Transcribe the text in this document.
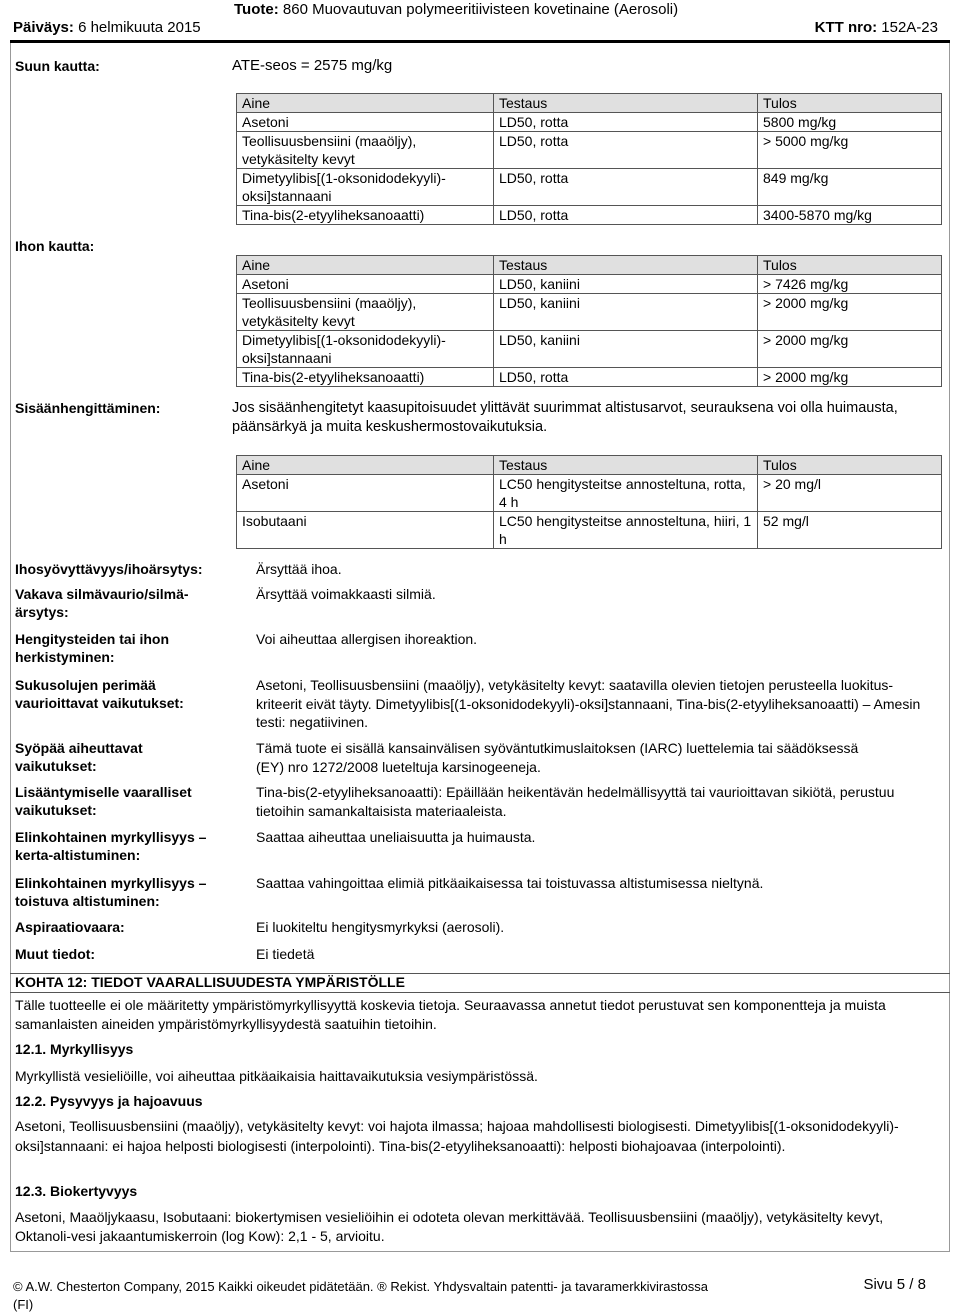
Tuote: 860 Muovautuvan polymeeritiivisteen kovetinaine (Aerosoli)
Päiväys: 6 helmikuuta 2015	KTT nro: 152A-23
Suun kautta:	ATE-seos = 2575 mg/kg
Aine	Testaus	Tulos
Asetoni	LD50, rotta	5800 mg/kg
Teollisuusbensiini (maaöljy), vetykäsitelty kevyt	LD50, rotta	> 5000 mg/kg
Dimetyylibis[(1-oksonidodekyyli)-oksi]stannaani	LD50, rotta	849 mg/kg
Tina-bis(2-etyyliheksanoaatti)	LD50, rotta	3400-5870 mg/kg
Ihon kautta:
Aine	Testaus	Tulos
Asetoni	LD50, kaniini	> 7426 mg/kg
Teollisuusbensiini (maaöljy), vetykäsitelty kevyt	LD50, kaniini	> 2000 mg/kg
Dimetyylibis[(1-oksonidodekyyli)-oksi]stannaani	LD50, kaniini	> 2000 mg/kg
Tina-bis(2-etyyliheksanoaatti)	LD50, rotta	> 2000 mg/kg
Sisäänhengittäminen:	Jos sisäänhengitetyt kaasupitoisuudet ylittävät suurimmat altistusarvot, seurauksena voi olla huimausta, päänsärkyä ja muita keskushermostovaikutuksia.
Aine	Testaus	Tulos
Asetoni	LC50 hengitysteitse annosteltuna, rotta, 4 h	> 20 mg/l
Isobutaani	LC50 hengitysteitse annosteltuna, hiiri, 1 h	52 mg/l
Ihosyövyttävyys/ihoärsytys:	Ärsyttää ihoa.
Vakava silmävaurio/silmä-ärsytys:
Ärsyttää voimakkaasti silmiä.
Hengitysteiden tai ihon herkistyminen:
Voi aiheuttaa allergisen ihoreaktion.
Sukusolujen perimää vaurioittavat vaikutukset:
Asetoni, Teollisuusbensiini (maaöljy), vetykäsitelty kevyt: saatavilla olevien tietojen perusteella luokitus- kriteerit eivät täyty. Dimetyylibis[(1-oksonidodekyyli)-oksi]stannaani, Tina-bis(2-etyyliheksanoaatti) – Amesin testi: negatiivinen.
Syöpää aiheuttavat vaikutukset:
Tämä tuote ei sisällä kansainvälisen syöväntutkimuslaitoksen (IARC) luettelemia tai säädöksessä (EY) nro 1272/2008 lueteltuja karsinogeeneja.
Lisääntymiselle vaaralliset vaikutukset:
Tina-bis(2-etyyliheksanoaatti): Epäillään heikentävän hedelmällisyyttä tai vaurioittavan sikiötä, perustuu tietoihin samankaltaisista materiaaleista.
Elinkohtainen myrkyllisyys – kerta-altistuminen:
Saattaa aiheuttaa uneliaisuutta ja huimausta.
Elinkohtainen myrkyllisyys – toistuva altistuminen:
Saattaa vahingoittaa elimiä pitkäaikaisessa tai toistuvassa altistumisessa nieltynä.
Aspiraatiovaara:	Ei luokiteltu hengitysmyrkyksi (aerosoli).
Muut tiedot:	Ei tiedetä
KOHTA 12: TIEDOT VAARALLISUUDESTA YMPÄRISTÖLLE
Tälle tuotteelle ei ole määritetty ympäristömyrkyllisyyttä koskevia tietoja. Seuraavassa annetut tiedot perustuvat sen komponentteja ja muista samanlaisten aineiden ympäristömyrkyllisyydestä saatuihin tietoihin.
12.1. Myrkyllisyys
Myrkyllistä vesieliöille, voi aiheuttaa pitkäaikaisia haittavaikutuksia vesiympäristössä.
12.2. Pysyvyys ja hajoavuus
Asetoni, Teollisuusbensiini (maaöljy), vetykäsitelty kevyt: voi hajota ilmassa; hajoaa mahdollisesti biologisesti. Dimetyylibis[(1-oksonidodekyyli)-oksi]stannaani: ei hajoa helposti biologisesti (interpolointi). Tina-bis(2-etyyliheksanoaatti): helposti biohajoavaa (interpolointi).
12.3. Biokertyvyys
Asetoni, Maaöljykaasu, Isobutaani: biokertymisen vesieliöihin ei odoteta olevan merkittävää. Teollisuusbensiini (maaöljy), vetykäsitelty kevyt, Oktanoli-vesi jakaantumiskerroin (log Kow): 2,1 - 5, arvioitu.
© A.W. Chesterton Company, 2015 Kaikki oikeudet pidätetään. ® Rekist. Yhdysvaltain patentti- ja tavaramerkkivirastossa
(FI)
Sivu 5 / 8
